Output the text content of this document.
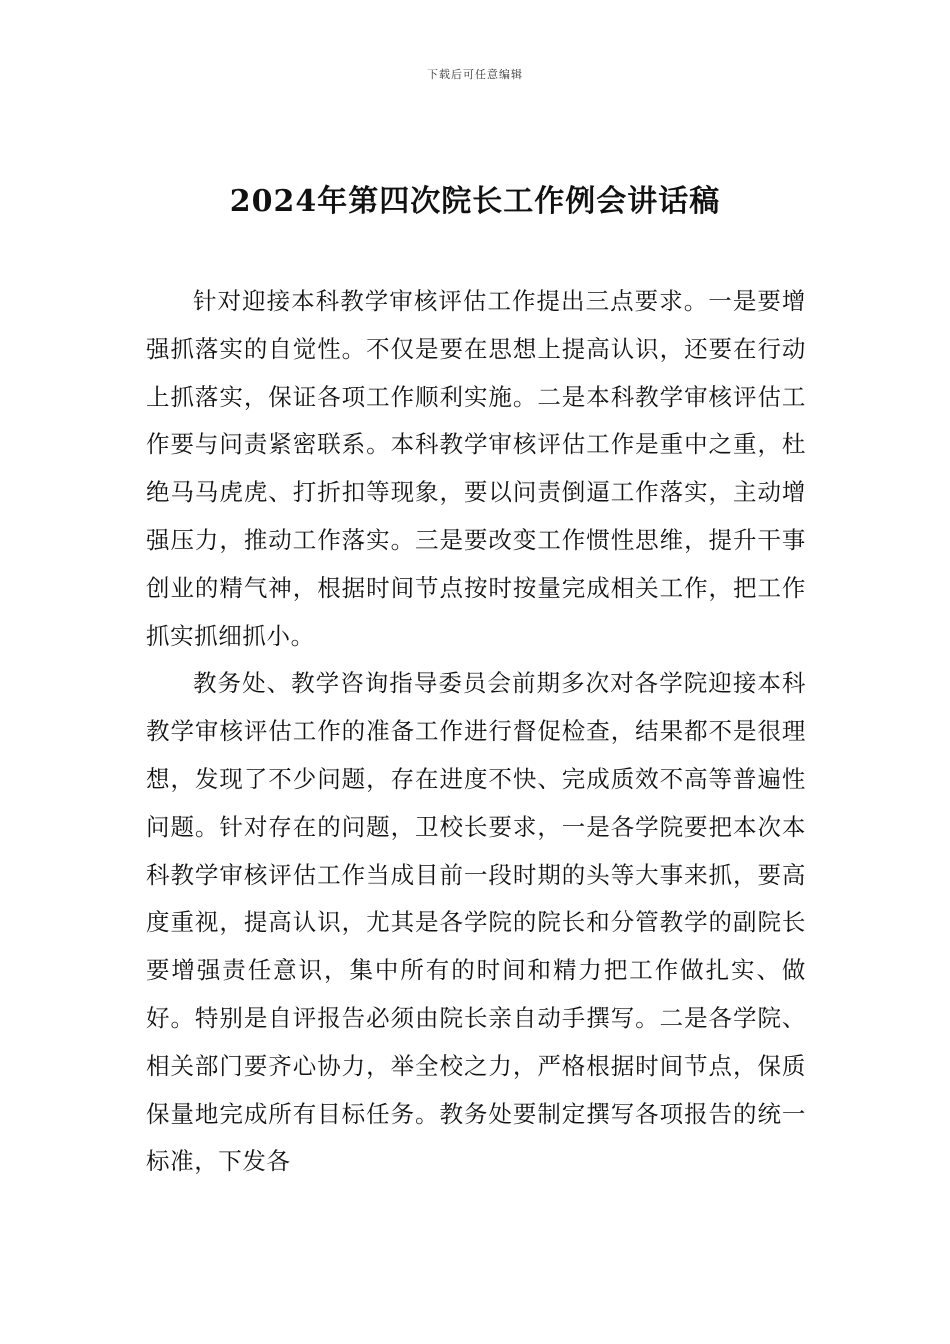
下载后可任意编辑
2024年第四次院长工作例会讲话稿

针对迎接本科教学审核评估工作提出三点要求。一是要增强抓落实的自觉性。不仅是要在思想上提高认识，还要在行动上抓落实，保证各项工作顺利实施。二是本科教学审核评估工作要与问责紧密联系。本科教学审核评估工作是重中之重，杜绝马马虎虎、打折扣等现象，要以问责倒逼工作落实，主动增强压力，推动工作落实。三是要改变工作惯性思维，提升干事创业的精气神，根据时间节点按时按量完成相关工作，把工作抓实抓细抓小。

教务处、教学咨询指导委员会前期多次对各学院迎接本科教学审核评估工作的准备工作进行督促检查，结果都不是很理想，发现了不少问题，存在进度不快、完成质效不高等普遍性问题。针对存在的问题，卫校长要求，一是各学院要把本次本科教学审核评估工作当成目前一段时期的头等大事来抓，要高度重视，提高认识，尤其是各学院的院长和分管教学的副院长要增强责任意识，集中所有的时间和精力把工作做扎实、做好。特别是自评报告必须由院长亲自动手撰写。二是各学院、相关部门要齐心协力，举全校之力，严格根据时间节点，保质保量地完成所有目标任务。教务处要制定撰写各项报告的统一标准，下发各
